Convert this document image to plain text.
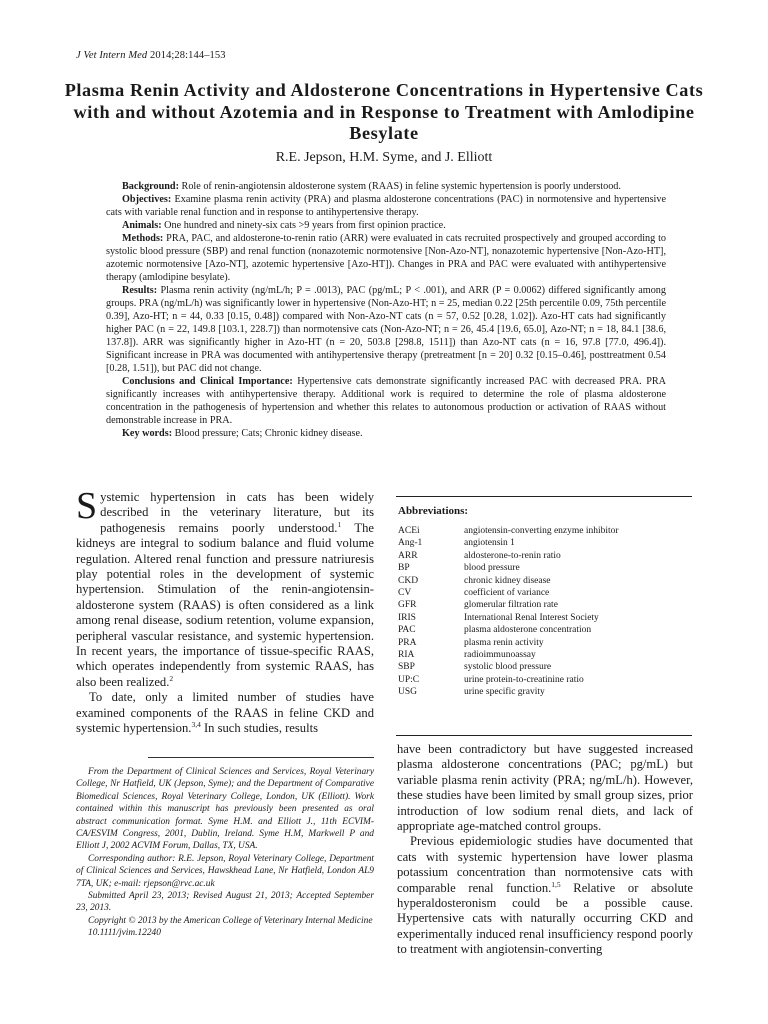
J Vet Intern Med 2014;28:144–153
Plasma Renin Activity and Aldosterone Concentrations in Hypertensive Cats with and without Azotemia and in Response to Treatment with Amlodipine Besylate
R.E. Jepson, H.M. Syme, and J. Elliott

Background: Role of renin-angiotensin aldosterone system (RAAS) in feline systemic hypertension is poorly understood.

Objectives: Examine plasma renin activity (PRA) and plasma aldosterone concentrations (PAC) in normotensive and hypertensive cats with variable renal function and in response to antihypertensive therapy.

Animals: One hundred and ninety-six cats >9 years from first opinion practice.

Methods: PRA, PAC, and aldosterone-to-renin ratio (ARR) were evaluated in cats recruited prospectively and grouped according to systolic blood pressure (SBP) and renal function (nonazotemic normotensive [Non-Azo-NT], nonazotemic hypertensive [Non-Azo-HT], azotemic normotensive [Azo-NT], azotemic hypertensive [Azo-HT]). Changes in PRA and PAC were evaluated with antihypertensive therapy (amlodipine besylate).

Results: Plasma renin activity (ng/mL/h; P = .0013), PAC (pg/mL; P < .001), and ARR (P = 0.0062) differed significantly among groups. PRA (ng/mL/h) was significantly lower in hypertensive (Non-Azo-HT; n = 25, median 0.22 [25th percentile 0.09, 75th percentile 0.39], Azo-HT; n = 44, 0.33 [0.15, 0.48]) compared with Non-Azo-NT cats (n = 57, 0.52 [0.28, 1.02]). Azo-HT cats had significantly higher PAC (n = 22, 149.8 [103.1, 228.7]) than normotensive cats (Non-Azo-NT; n = 26, 45.4 [19.6, 65.0], Azo-NT; n = 18, 84.1 [38.6, 137.8]). ARR was significantly higher in Azo-HT (n = 20, 503.8 [298.8, 1511]) than Azo-NT cats (n = 16, 97.8 [77.0, 496.4]). Significant increase in PRA was documented with antihypertensive therapy (pretreatment [n = 20] 0.32 [0.15–0.46], posttreatment 0.54 [0.28, 1.51]), but PAC did not change.

Conclusions and Clinical Importance: Hypertensive cats demonstrate significantly increased PAC with decreased PRA. PRA significantly increases with antihypertensive therapy. Additional work is required to determine the role of plasma aldosterone concentration in the pathogenesis of hypertension and whether this relates to autonomous production or activation of RAAS without demonstrable increase in PRA.

Key words: Blood pressure; Cats; Chronic kidney disease.

Systemic hypertension in cats has been widely described in the veterinary literature, but its pathogenesis remains poorly understood.$^1$ The kidneys are integral to sodium balance and fluid volume regulation. Altered renal function and pressure natriuresis play potential roles in the development of systemic hypertension. Stimulation of the renin-angiotensin-aldosterone system (RAAS) is often considered as a link among renal disease, sodium retention, volume expansion, peripheral vascular resistance, and systemic hypertension. In recent years, the importance of tissue-specific RAAS, which operates independently from systemic RAAS, has also been realized.$^2$

To date, only a limited number of studies have examined components of the RAAS in feline CKD and systemic hypertension.$^{3,4}$ In such studies, results

From the Department of Clinical Sciences and Services, Royal Veterinary College, Nr Hatfield, UK (Jepson, Syme); and the Department of Comparative Biomedical Sciences, Royal Veterinary College, London, UK (Elliott). Work contained within this manuscript has previously been presented as oral abstract communication format. Syme H.M. and Elliott J., 11th ECVIM-CA/ESVIM Congress, 2001, Dublin, Ireland. Syme H.M, Markwell P and Elliott J, 2002 ACVIM Forum, Dallas, TX, USA.

Corresponding author: R.E. Jepson, Royal Veterinary College, Department of Clinical Sciences and Services, Hawskhead Lane, Nr Hatfield, London AL9 7TA, UK; e-mail: rjepson@rvc.ac.uk

Submitted April 23, 2013; Revised August 21, 2013; Accepted September 23, 2013.

Copyright © 2013 by the American College of Veterinary Internal Medicine

10.1111/jvim.12240

Abbreviations:
ACEi	angiotensin-converting enzyme inhibitor
Ang-1	angiotensin 1
ARR	aldosterone-to-renin ratio
BP	blood pressure
CKD	chronic kidney disease
CV	coefficient of variance
GFR	glomerular filtration rate
IRIS	International Renal Interest Society
PAC	plasma aldosterone concentration
PRA	plasma renin activity
RIA	radioimmunoassay
SBP	systolic blood pressure
UP:C	urine protein-to-creatinine ratio
USG	urine specific gravity

have been contradictory but have suggested increased plasma aldosterone concentrations (PAC; pg/mL) but variable plasma renin activity (PRA; ng/mL/h). However, these studies have been limited by small group sizes, prior introduction of low sodium renal diets, and lack of appropriate age-matched control groups.

Previous epidemiologic studies have documented that cats with systemic hypertension have lower plasma potassium concentration than normotensive cats with comparable renal function.$^{1,5}$ Relative or absolute hyperaldosteronism could be a possible cause. Hypertensive cats with naturally occurring CKD and experimentally induced renal insufficiency respond poorly to treatment with angiotensin-converting
